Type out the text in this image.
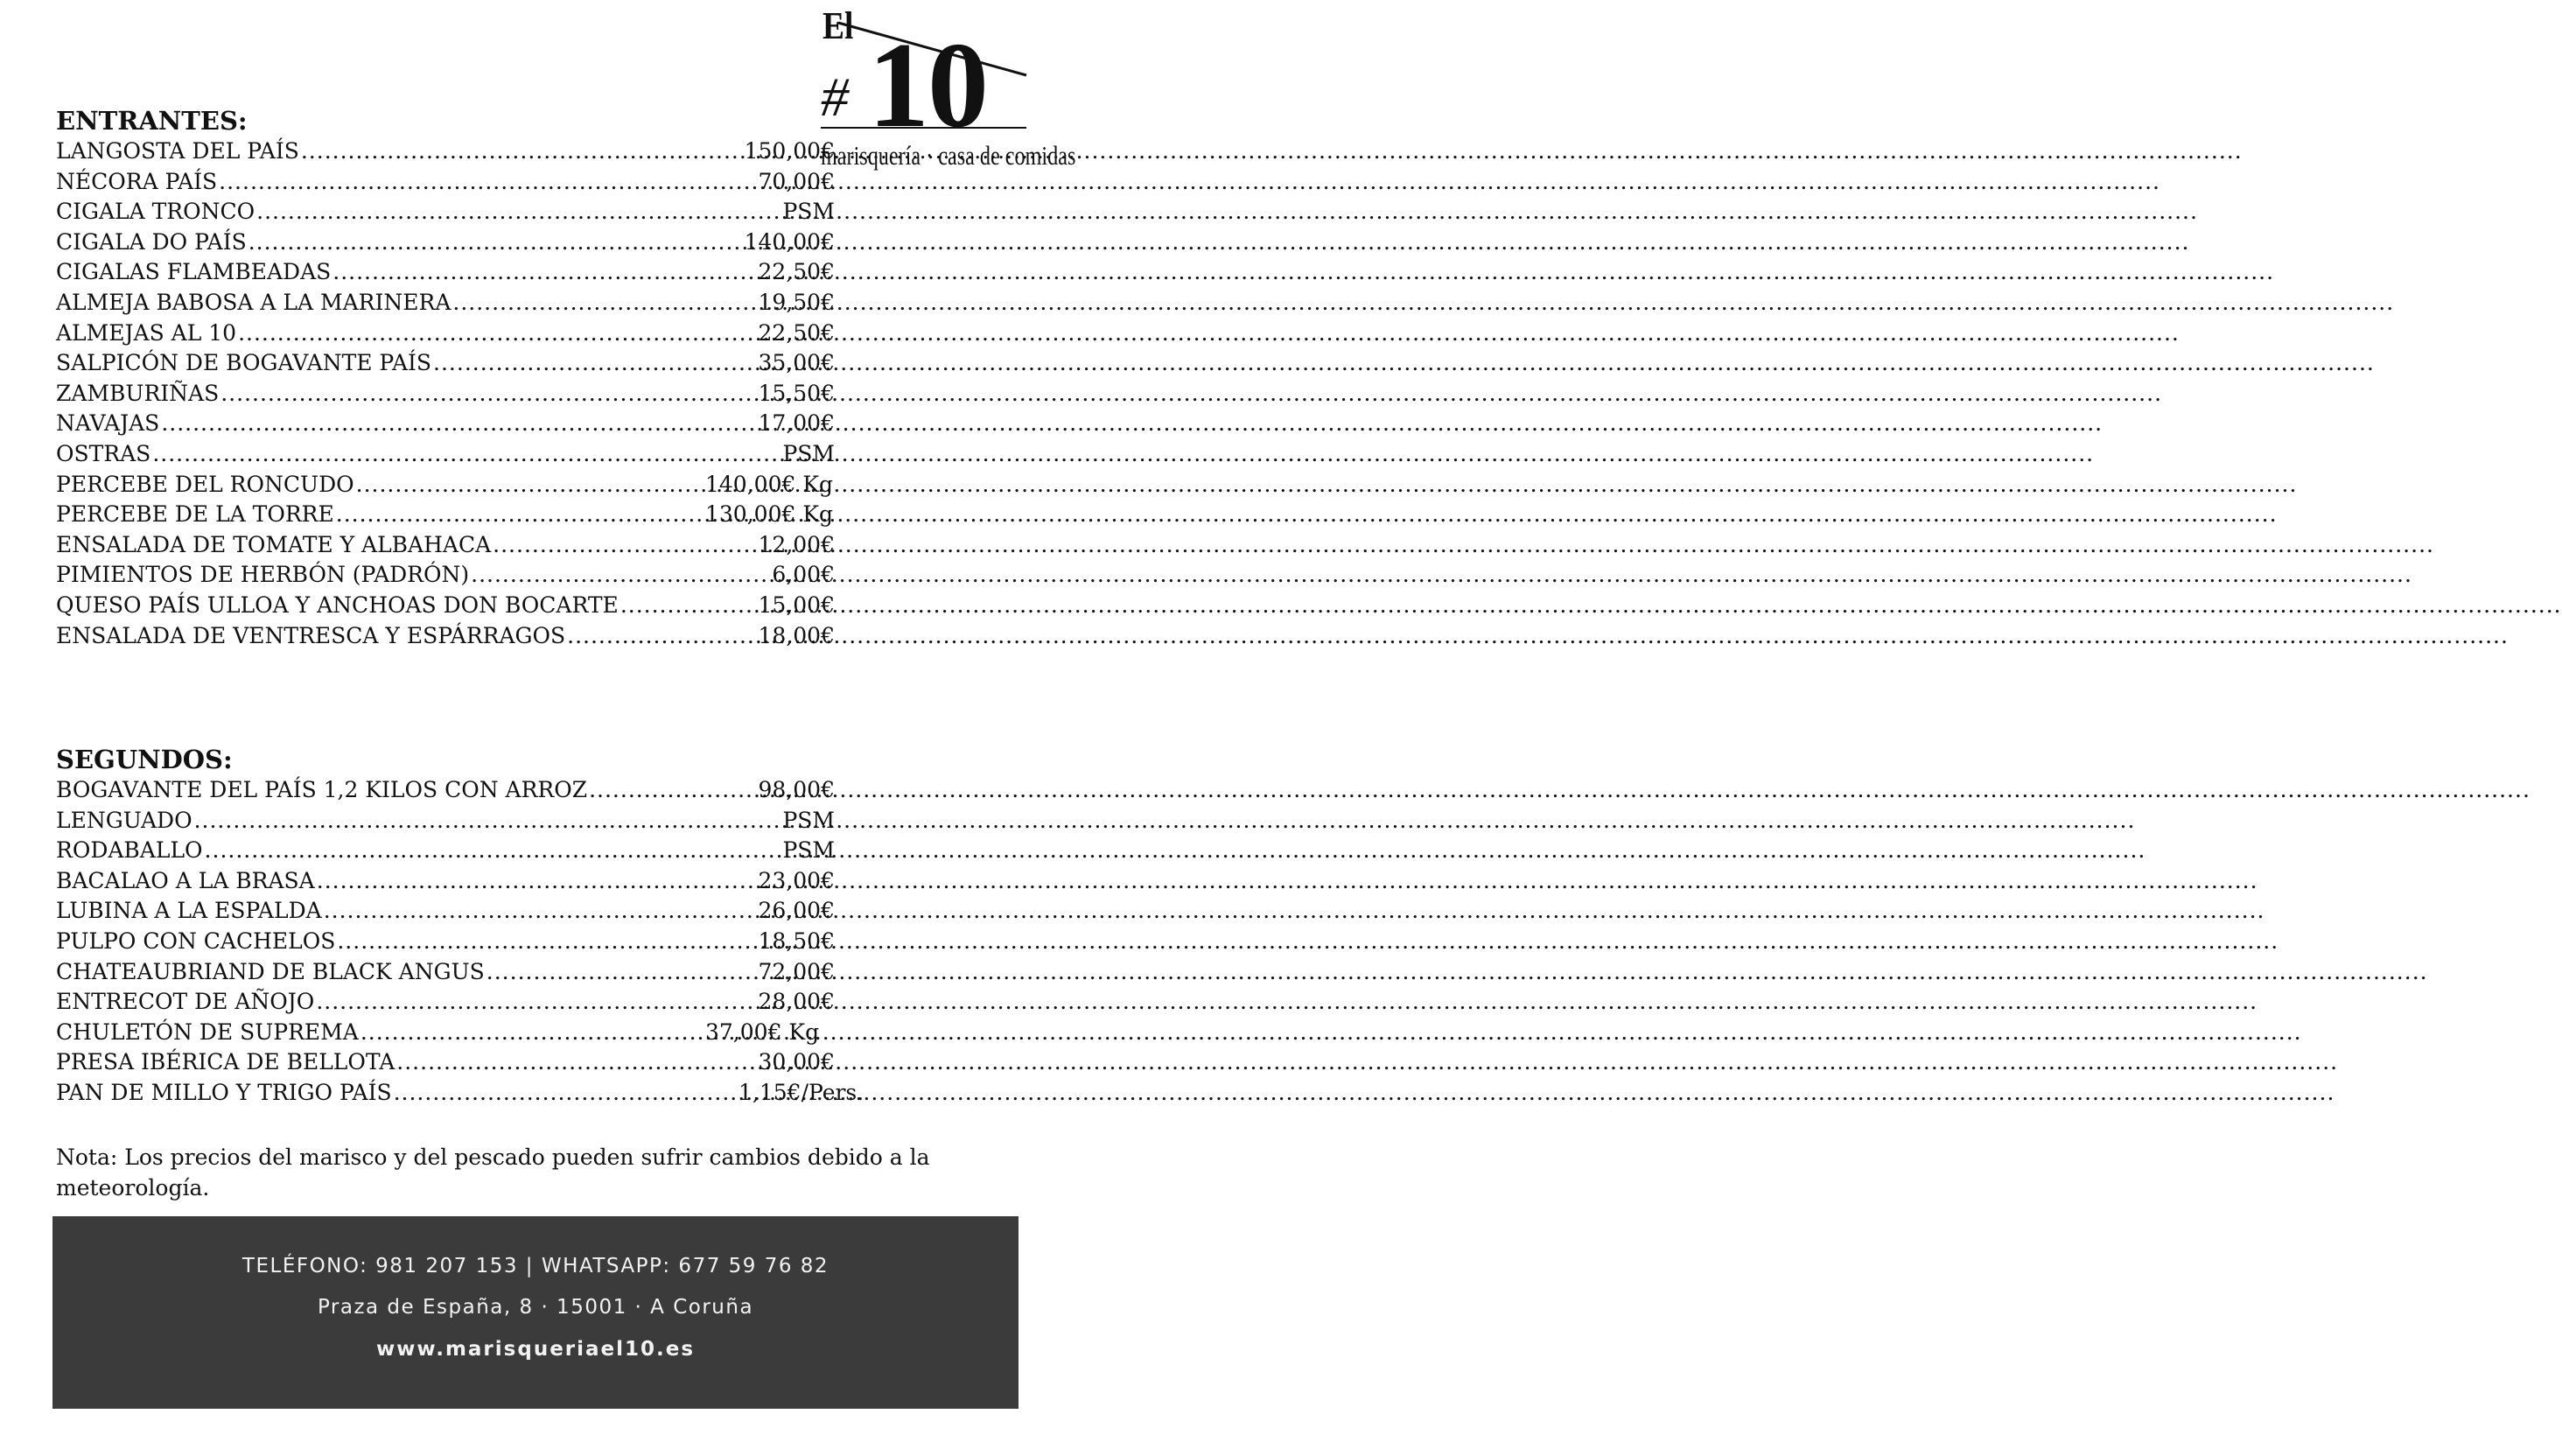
El
# 10
marisquería · casa de comidas
ENTRANTES:
LANGOSTA DEL PAÍS .....	150,00€
NÉCORA PAÍS .....	70,00€
CIGALA TRONCO .....	PSM
CIGALA DO PAÍS .....	140,00€
CIGALAS FLAMBEADAS .....	22,50€
ALMEJA BABOSA A LA MARINERA .....	19,50€
ALMEJAS AL 10 .....	22,50€
SALPICÓN DE BOGAVANTE PAÍS .....	35,00€
ZAMBURIÑAS .....	15,50€
NAVAJAS .....	17,00€
OSTRAS .....	PSM
PERCEBE DEL RONCUDO .....	140,00€ Kg
PERCEBE DE LA TORRE .....	130,00€ Kg
ENSALADA DE TOMATE Y ALBAHACA .....	12,00€
PIMIENTOS DE HERBÓN (PADRÓN) .....	6,00€
QUESO PAÍS ULLOA Y ANCHOAS DON BOCARTE .....	15,00€
ENSALADA DE VENTRESCA Y ESPÁRRAGOS .....	18,00€
SEGUNDOS:
BOGAVANTE DEL PAÍS 1,2 KILOS CON ARROZ .....	98,00€
LENGUADO .....	PSM
RODABALLO .....	PSM
BACALAO A LA BRASA .....	23,00€
LUBINA A LA ESPALDA .....	26,00€
PULPO CON CACHELOS .....	18,50€
CHATEAUBRIAND DE BLACK ANGUS .....	72,00€
ENTRECOT DE AÑOJO .....	28,00€
CHULETÓN DE SUPREMA .....	37,00€ Kg
PRESA IBÉRICA DE BELLOTA .....	30,00€
PAN DE MILLO Y TRIGO PAÍS .....	1,15€/Pers.
Nota: Los precios del marisco y del pescado pueden sufrir cambios debido a la meteorología.
TELÉFONO: 981 207 153 | WHATSAPP: 677 59 76 82
Praza de España, 8 · 15001 · A Coruña
www.marisqueriael10.es
